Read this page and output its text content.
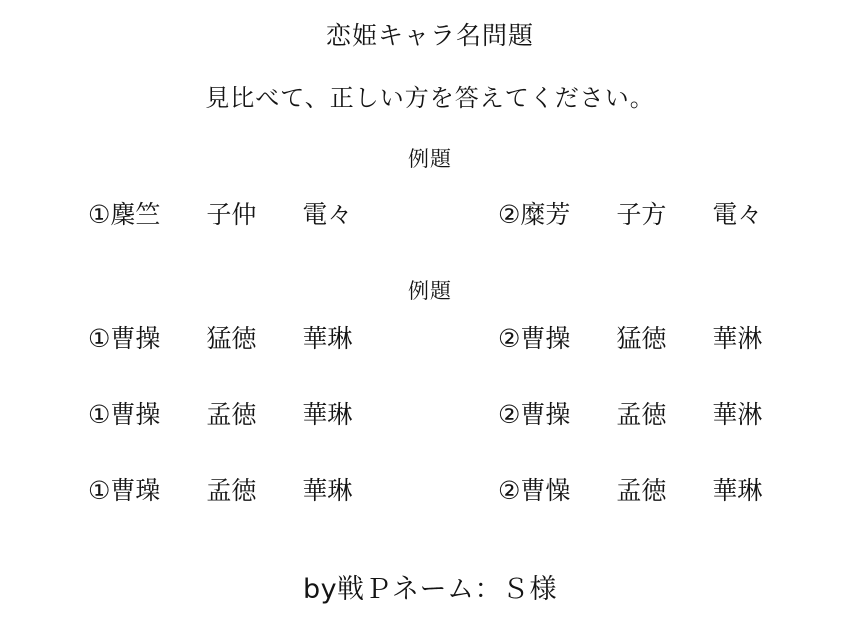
恋姫キャラ名問題
見比べて、正しい方を答えてください。
例題
① 麇竺	子仲	電々	② 糜芳	子方	電々
例題
① 曹操	猛徳	華琳	② 曹操	猛徳	華淋
① 曹操	孟徳	華琳	② 曹操	孟徳	華淋
① 曹璪	孟徳	華琳	② 曹懆	孟徳	華琳
by戦Ｐネーム：Ｓ様
